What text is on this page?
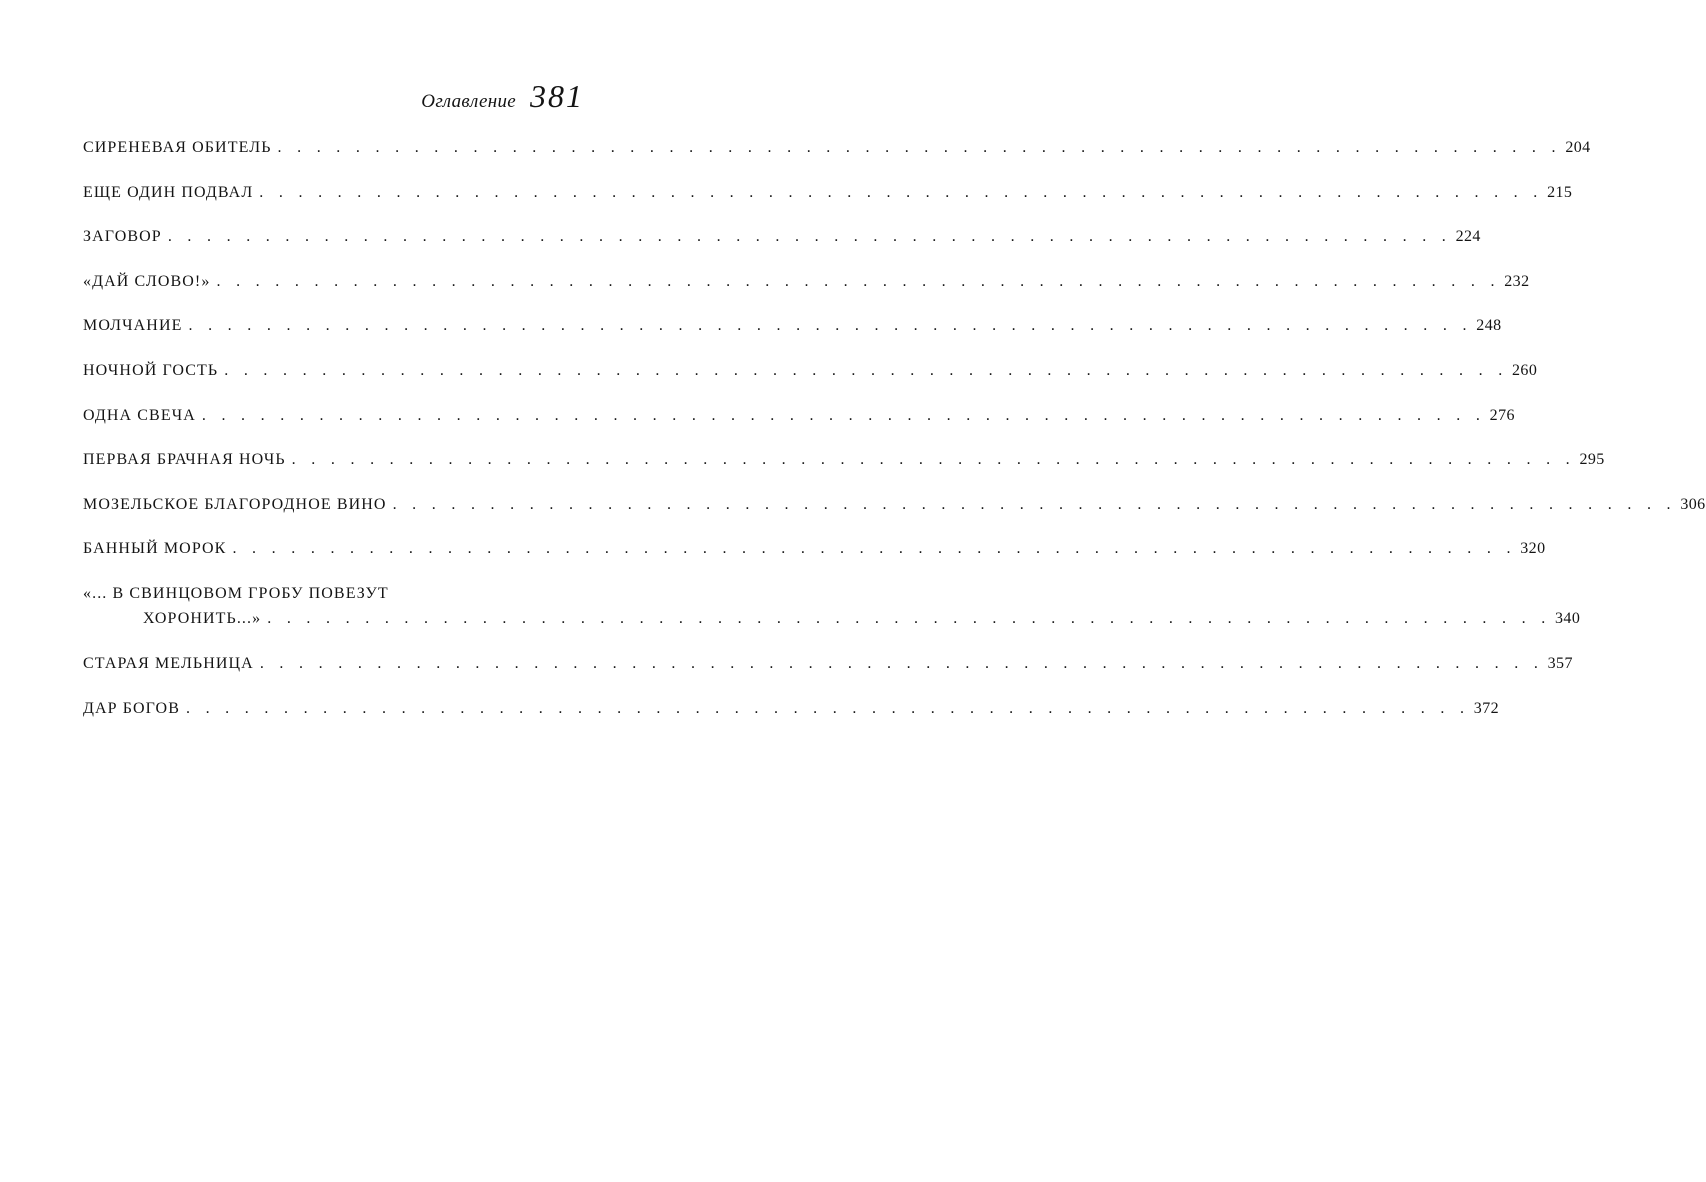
Оглавление 381
СИРЕНЕВАЯ ОБИТЕЛЬ . . . . . . . . . . . . . . . . . . . . . . . . . . . . . . . . . . . . . . . . . . . . . . . . . . . . . . . . . . . . . . . . . . 204
ЕЩЕ ОДИН ПОДВАЛ . . . . . . . . . . . . . . . . . . . . . . . . . . . . . . . . . . . . . . . . . . . . . . . . . . . . . . . . . . . . . . . . . . 215
ЗАГОВОР . . . . . . . . . . . . . . . . . . . . . . . . . . . . . . . . . . . . . . . . . . . . . . . . . . . . . . . . . . . . . . . . . . 224
«ДАЙ СЛОВО!» . . . . . . . . . . . . . . . . . . . . . . . . . . . . . . . . . . . . . . . . . . . . . . . . . . . . . . . . . . . . . . . . . . 232
МОЛЧАНИЕ . . . . . . . . . . . . . . . . . . . . . . . . . . . . . . . . . . . . . . . . . . . . . . . . . . . . . . . . . . . . . . . . . . 248
НОЧНОЙ ГОСТЬ . . . . . . . . . . . . . . . . . . . . . . . . . . . . . . . . . . . . . . . . . . . . . . . . . . . . . . . . . . . . . . . . . . 260
ОДНА СВЕЧА . . . . . . . . . . . . . . . . . . . . . . . . . . . . . . . . . . . . . . . . . . . . . . . . . . . . . . . . . . . . . . . . . . 276
ПЕРВАЯ БРАЧНАЯ НОЧЬ . . . . . . . . . . . . . . . . . . . . . . . . . . . . . . . . . . . . . . . . . . . . . . . . . . . . . . . . . . . . . . . . . . 295
МОЗЕЛЬСКОЕ БЛАГОРОДНОЕ ВИНО . . . . . . . . . . . . . . . . . . . . . . . . . . . . . . . . . . . . . . . . . . . . . . . . . . . . . . . . . . . . . . . . . . 306
БАННЫЙ МОРОК . . . . . . . . . . . . . . . . . . . . . . . . . . . . . . . . . . . . . . . . . . . . . . . . . . . . . . . . . . . . . . . . . . 320
«... В СВИНЦОВОМ ГРОБУ ПОВЕЗУТ
ХОРОНИТЬ...» . . . . . . . . . . . . . . . . . . . . . . . . . . . . . . . . . . . . . . . . . . . . . . . . . . . . . . . . . . . . . . . . . . 340
СТАРАЯ МЕЛЬНИЦА . . . . . . . . . . . . . . . . . . . . . . . . . . . . . . . . . . . . . . . . . . . . . . . . . . . . . . . . . . . . . . . . . . 357
ДАР БОГОВ . . . . . . . . . . . . . . . . . . . . . . . . . . . . . . . . . . . . . . . . . . . . . . . . . . . . . . . . . . . . . . . . . . 372
